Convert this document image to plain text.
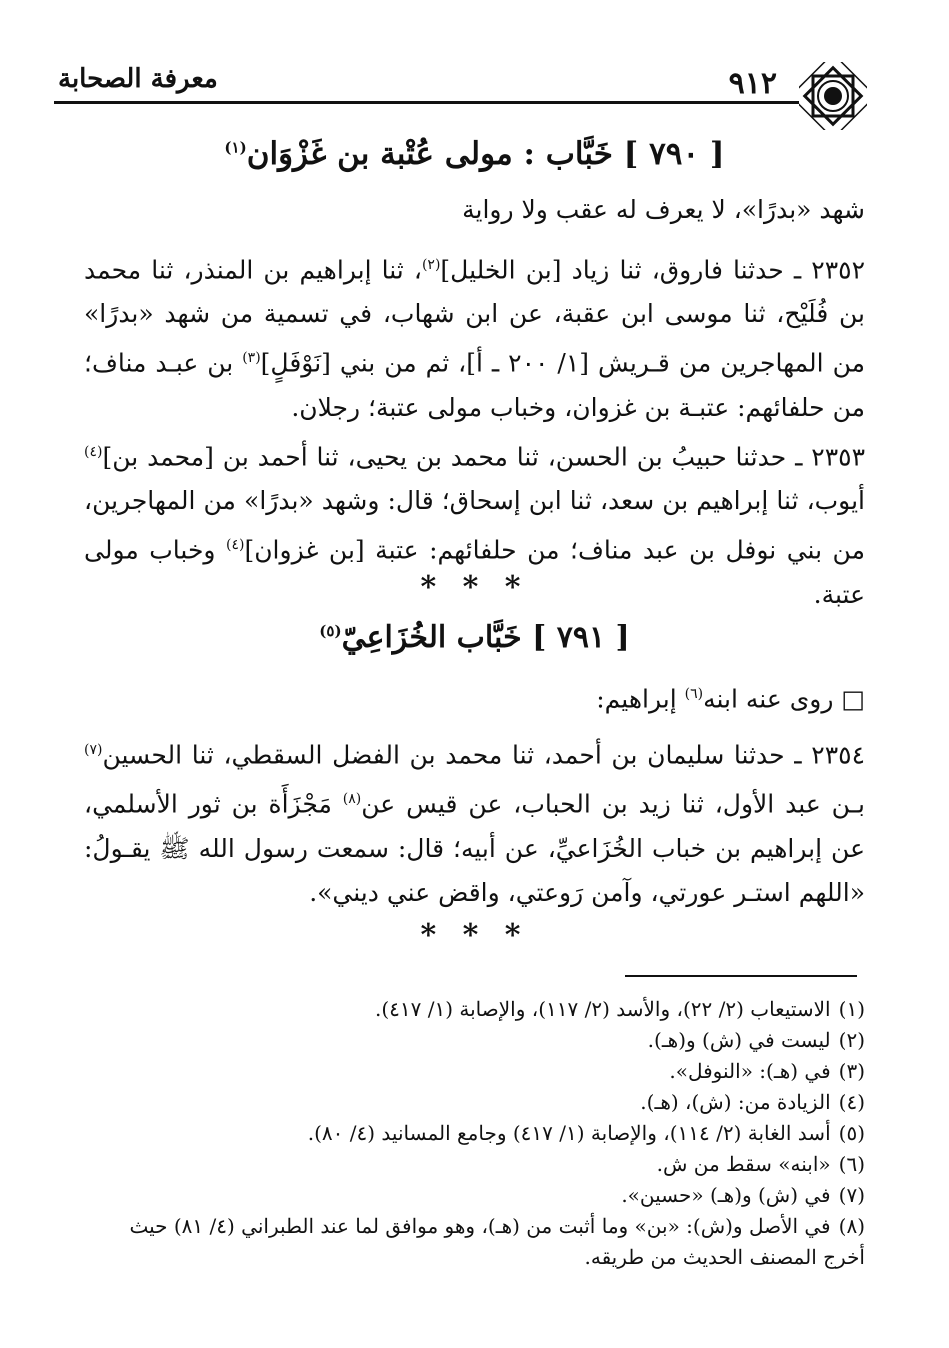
٩١٢
معرفة الصحابة
[ ٧٩٠ ] خَبَّاب : مولى عُتْبة بن غَزْوَان$^{(١)}$
شهد «بدرًا»، لا يعرف له عقب ولا رواية
٢٣٥٢ ـ حدثنا فاروق، ثنا زياد [بن الخليل]$^{(٢)}$، ثنا إبراهيم بن المنذر، ثنا محمد بن فُلَيْح، ثنا موسى ابن عقبة، عن ابن شهاب، في تسمية من شهد «بدرًا» من المهاجرين من قـريش [١/ ٢٠٠ ـ أ]، ثم من بني [نَوْفَلٍ]$^{(٣)}$ بن عبـد مناف؛ من حلفائهم: عتبـة بن غزوان، وخباب مولى عتبة؛ رجلان.
٢٣٥٣ ـ حدثنا حبيبُ بن الحسن، ثنا محمد بن يحيى، ثنا أحمد بن [محمد بن]$^{(٤)}$ أيوب، ثنا إبراهيم بن سعد، ثنا ابن إسحاق؛ قال: وشهد «بدرًا» من المهاجرين، من بني نوفل بن عبد مناف؛ من حلفائهم: عتبة [بن غزوان]$^{(٤)}$ وخباب مولى عتبة.
* * *
[ ٧٩١ ] خَبَّاب الخُزَاعِيّ$^{(٥)}$
□ روى عنه ابنه$^{(٦)}$ إبراهيم:
٢٣٥٤ ـ حدثنا سليمان بن أحمد، ثنا محمد بن الفضل السقطي، ثنا الحسين$^{(٧)}$ بـن عبد الأول، ثنا زيد بن الحباب، عن قيس عن$^{(٨)}$ مَجْزَأَة بن ثور الأسلمي، عن إبراهيم بن خباب الخُزَاعيِّ، عن أبيه؛ قال: سمعت رسول الله ﷺ يقـولُ: «اللهم استـر عورتي، وآمن رَوعتي، واقض عني ديني».
* * *
(١)الاستيعاب (٢/ ٢٢)، والأسد (٢/ ١١٧)، والإصابة (١/ ٤١٧).
(٢)ليست في (ش) و(هـ).
(٣)في (هـ): «النوفل».
(٤)الزيادة من: (ش)، (هـ).
(٥)أسد الغابة (٢/ ١١٤)، والإصابة (١/ ٤١٧) وجامع المسانيد (٤/ ٨٠).
(٦)«ابنه» سقط من ش.
(٧)في (ش) و(هـ) «حسين».
(٨)في الأصل و(ش): «بن» وما أثبت من (هـ)، وهو موافق لما عند الطبراني (٤/ ٨١) حيث أخرج المصنف الحديث من طريقه.
